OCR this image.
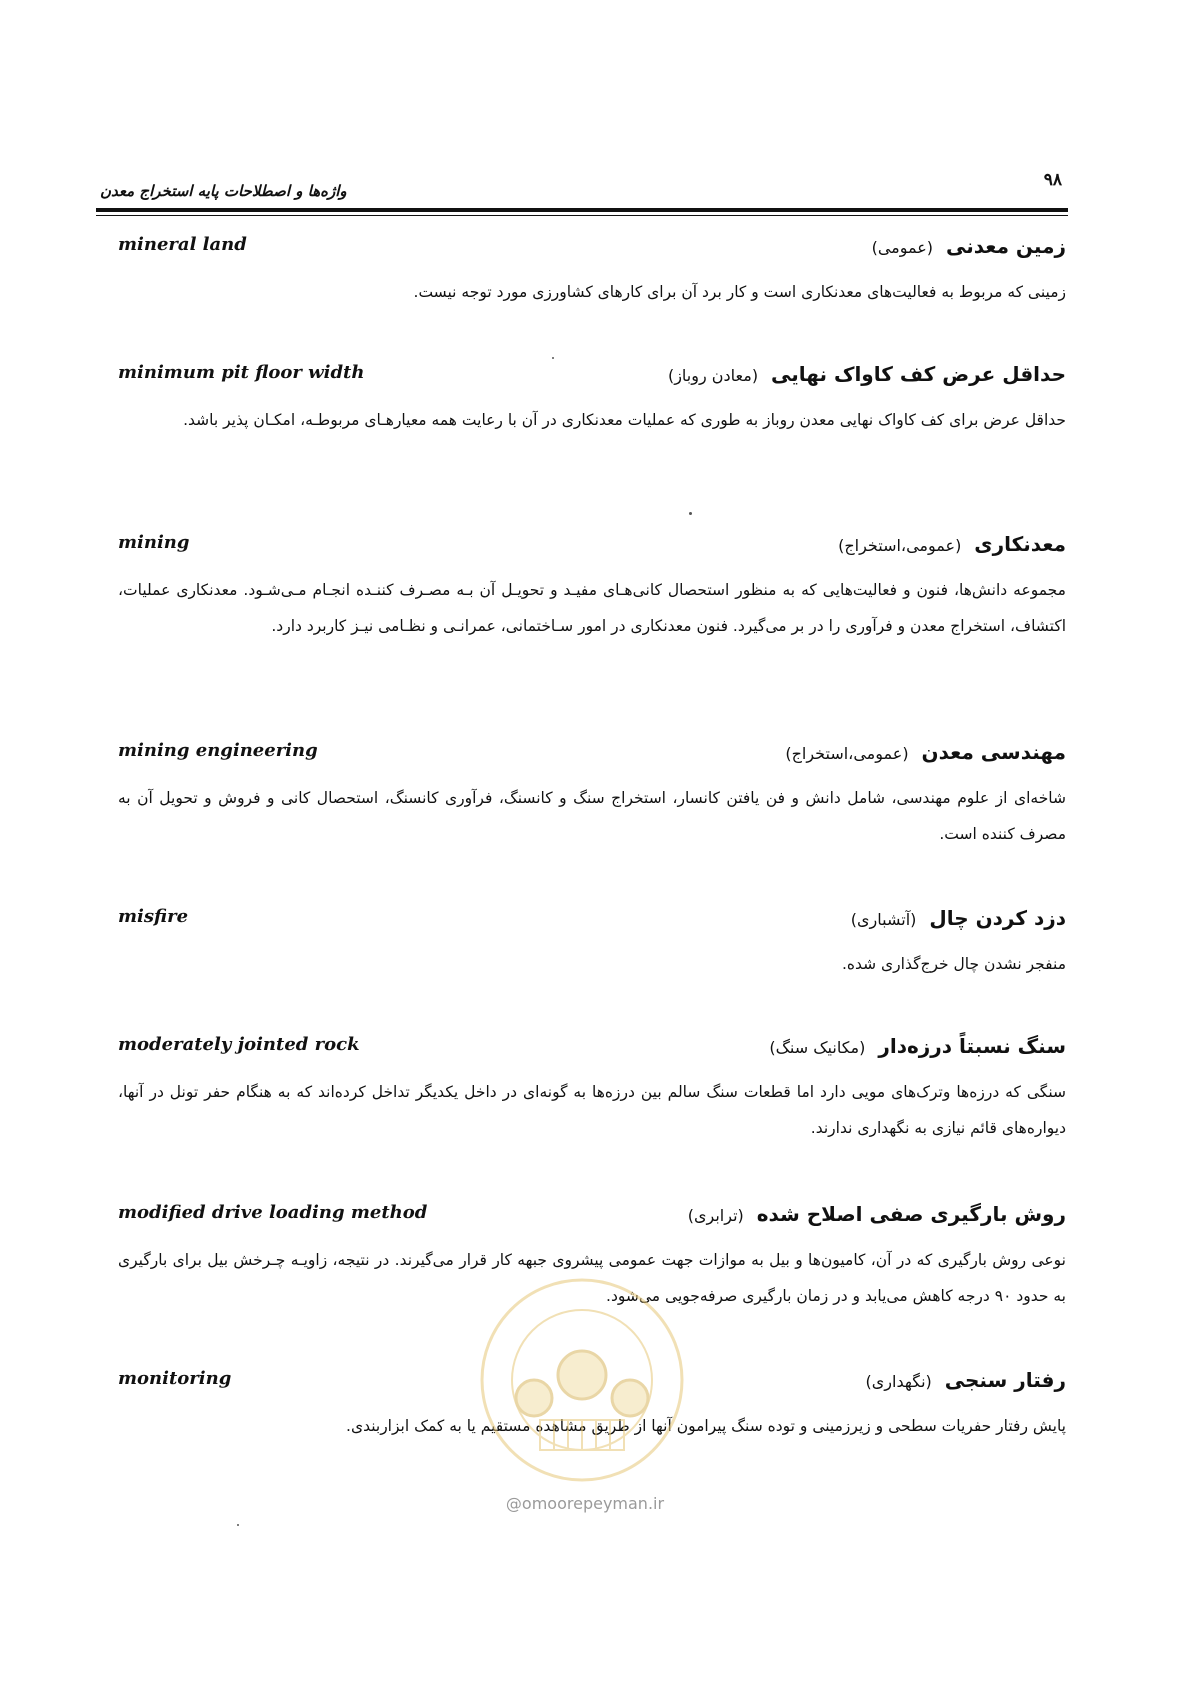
۹۸
واژه‌ها و اصطلاحات پایه استخراج معدن
mineral land	زمین معدنی (عمومی)
زمینی که مربوط به فعالیت‌های معدنکاری است و کار برد آن برای کارهای کشاورزی مورد توجه نیست.
minimum pit floor width	حداقل عرض کف کاواک نهایی (معادن روباز)
حداقل عرض برای کف کاواک نهایی معدن روباز به طوری که عملیات معدنکاری در آن با رعایت همه معیارهـای مربوطـه، امکـان پذیر باشد.
mining	معدنکاری (عمومی،استخراج)
مجموعه دانش‌ها، فنون و فعالیت‌هایی که به منظور استحصال کانی‌هـای مفیـد و تحویـل آن بـه مصـرف کننـده انجـام مـی‌شـود. معدنکاری عملیات، اکتشاف، استخراج معدن و فرآوری را در بر می‌گیرد. فنون معدنکاری در امور سـاختمانی، عمرانـی و نظـامی نیـز کاربرد دارد.
mining engineering	مهندسی معدن (عمومی،استخراج)
شاخه‌ای از علوم مهندسی، شامل دانش و فن یافتن کانسار، استخراج سنگ و کانسنگ، فرآوری کانسنگ، استحصال کانی و فروش و تحویل آن به مصرف کننده است.
misfire	دزد کردن چال (آتشباری)
منفجر نشدن چال خرج‌گذاری شده.
moderately jointed rock	سنگ نسبتاً درزه‌دار (مکانیک سنگ)
سنگی که درزه‌ها وترک‌های مویی دارد اما قطعات سنگ سالم بین درزه‌ها به گونه‌ای در داخل یکدیگر تداخل کرده‌اند که به هنگام حفر تونل در آنها، دیواره‌های قائم نیازی به نگهداری ندارند.
modified drive loading method	روش بارگیری صفی اصلاح شده (ترابری)
نوعی روش بارگیری که در آن، کامیون‌ها و بیل به موازات جهت عمومی پیشروی جبهه کار قرار می‌گیرند. در نتیجه، زاویـه چـرخش بیل برای بارگیری به حدود ۹۰ درجه کاهش می‌یابد و در زمان بارگیری صرفه‌جویی می‌شود.
monitoring	رفتار سنجی (نگهداری)
پایش رفتار حفریات سطحی و زیرزمینی و توده سنگ پیرامون آنها از طریق مشاهده مستقیم یا به کمک ابزاربندی.
@omoorepeyman.ir
